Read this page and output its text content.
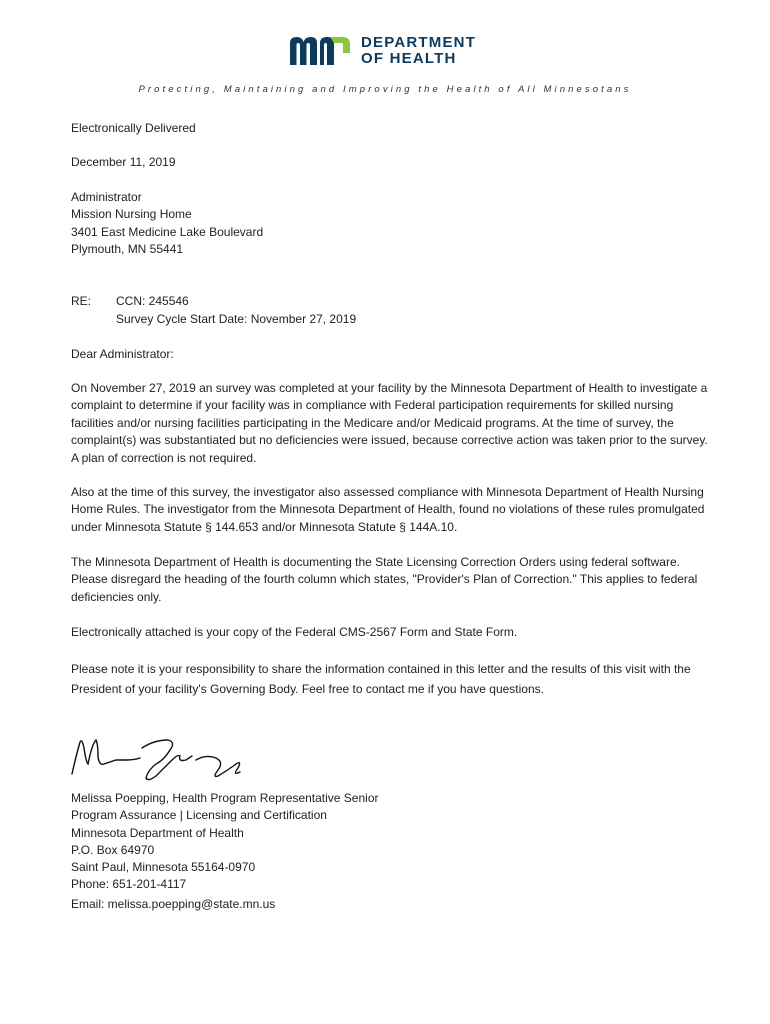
DEPARTMENT
OF HEALTH
Protecting, Maintaining and Improving the Health of All Minnesotans
Electronically Delivered
December 11, 2019
Administrator
Mission Nursing Home
3401 East Medicine Lake Boulevard
Plymouth, MN 55441
RE: CCN: 245546
Survey Cycle Start Date: November 27, 2019
Dear Administrator:
On November 27, 2019 an survey was completed at your facility by the Minnesota Department of Health to investigate a complaint to determine if your facility was in compliance with Federal participation requirements for skilled nursing facilities and/or nursing facilities participating in the Medicare and/or Medicaid programs. At the time of survey, the complaint(s) was substantiated but no deficiencies were issued, because corrective action was taken prior to the survey. A plan of correction is not required.
Also at the time of this survey, the investigator also assessed compliance with Minnesota Department of Health Nursing Home Rules. The investigator from the Minnesota Department of Health, found no violations of these rules promulgated under Minnesota Statute § 144.653 and/or Minnesota Statute § 144A.10.
The Minnesota Department of Health is documenting the State Licensing Correction Orders using federal software. Please disregard the heading of the fourth column which states, "Provider's Plan of Correction." This applies to federal deficiencies only.
Electronically attached is your copy of the Federal CMS-2567 Form and State Form.
Please note it is your responsibility to share the information contained in this letter and the results of this visit with the President of your facility's Governing Body. Feel free to contact me if you have questions.
Melissa Poepping, Health Program Representative Senior
Program Assurance | Licensing and Certification
Minnesota Department of Health
P.O. Box 64970
Saint Paul, Minnesota 55164-0970
Phone: 651-201-4117
Email: melissa.poepping@state.mn.us
